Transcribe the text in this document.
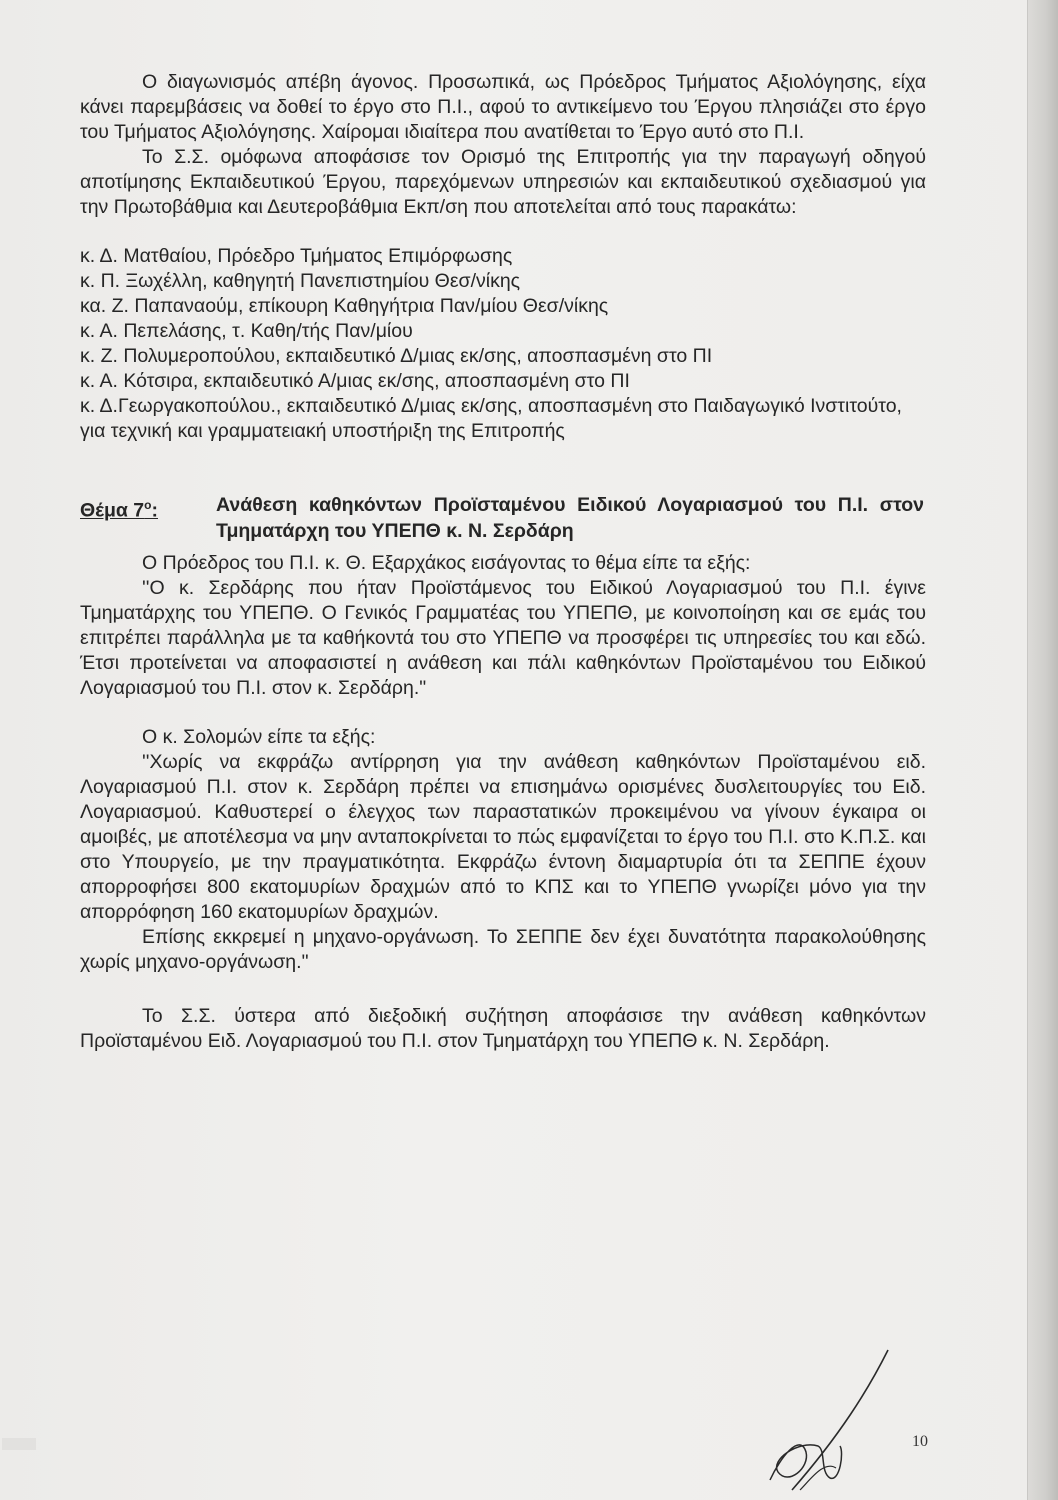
Ο διαγωνισμός απέβη άγονος. Προσωπικά, ως Πρόεδρος Τμήματος Αξιολόγησης, είχα κάνει παρεμβάσεις να δοθεί το έργο στο Π.Ι., αφού το αντικείμενο του Έργου πλησιάζει στο έργο του Τμήματος Αξιολόγησης. Χαίρομαι ιδιαίτερα που ανατίθεται το Έργο αυτό στο Π.Ι.

Το Σ.Σ. ομόφωνα αποφάσισε τον Ορισμό της Επιτροπής για την παραγωγή οδηγού αποτίμησης Εκπαιδευτικού Έργου, παρεχόμενων υπηρεσιών και εκπαιδευτικού σχεδιασμού για την Πρωτοβάθμια και Δευτεροβάθμια Εκπ/ση που αποτελείται από τους παρακάτω:

κ. Δ. Ματθαίου, Πρόεδρο Τμήματος Επιμόρφωσης

κ. Π. Ξωχέλλη, καθηγητή Πανεπιστημίου Θεσ/νίκης

κα. Ζ. Παπαναούμ, επίκουρη Καθηγήτρια Παν/μίου Θεσ/νίκης

κ. Α. Πεπελάσης, τ. Καθη/τής Παν/μίου

κ. Ζ. Πολυμεροπούλου, εκπαιδευτικό Δ/μιας εκ/σης, αποσπασμένη στο ΠΙ

κ. Α. Κότσιρα, εκπαιδευτικό Α/μιας εκ/σης, αποσπασμένη στο ΠΙ

κ. Δ.Γεωργακοπούλου., εκπαιδευτικό Δ/μιας εκ/σης, αποσπασμένη στο Παιδαγωγικό Ινστιτούτο, για τεχνική και γραμματειακή υποστήριξη της Επιτροπής

Θέμα $7^o$:	Ανάθεση καθηκόντων Προϊσταμένου Ειδικού Λογαριασμού του Π.Ι. στον Τμηματάρχη του ΥΠΕΠΘ κ. Ν. Σερδάρη

Ο Πρόεδρος του Π.Ι. κ. Θ. Εξαρχάκος εισάγοντας το θέμα είπε τα εξής:

''Ο κ. Σερδάρης που ήταν Προϊστάμενος του Ειδικού Λογαριασμού του Π.Ι. έγινε Τμηματάρχης του ΥΠΕΠΘ. Ο Γενικός Γραμματέας του ΥΠΕΠΘ, με κοινοποίηση και σε εμάς του επιτρέπει παράλληλα με τα καθήκοντά του στο ΥΠΕΠΘ να προσφέρει τις υπηρεσίες του και εδώ. Έτσι προτείνεται να αποφασιστεί η ανάθεση και πάλι καθηκόντων Προϊσταμένου του Ειδικού Λογαριασμού του Π.Ι. στον κ. Σερδάρη."

Ο κ. Σολομών είπε τα εξής:

''Χωρίς να εκφράζω αντίρρηση για την ανάθεση καθηκόντων Προϊσταμένου ειδ. Λογαριασμού Π.Ι. στον κ. Σερδάρη πρέπει να επισημάνω ορισμένες δυσλειτουργίες του Ειδ. Λογαριασμού. Καθυστερεί ο έλεγχος των παραστατικών προκειμένου να γίνουν έγκαιρα οι αμοιβές, με αποτέλεσμα να μην ανταποκρίνεται το πώς εμφανίζεται το έργο του Π.Ι. στο Κ.Π.Σ. και στο Υπουργείο, με την πραγματικότητα. Εκφράζω έντονη διαμαρτυρία ότι τα ΣΕΠΠΕ έχουν απορροφήσει 800 εκατομυρίων δραχμών από το ΚΠΣ και το ΥΠΕΠΘ γνωρίζει μόνο για την απορρόφηση 160 εκατομυρίων δραχμών.

Επίσης εκκρεμεί η μηχανο-οργάνωση. Το ΣΕΠΠΕ δεν έχει δυνατότητα παρακολούθησης χωρίς μηχανο-οργάνωση."

Το Σ.Σ. ύστερα από διεξοδική συζήτηση αποφάσισε την ανάθεση καθηκόντων Προϊσταμένου Ειδ. Λογαριασμού του Π.Ι. στον Τμηματάρχη του ΥΠΕΠΘ κ. Ν. Σερδάρη.

10
